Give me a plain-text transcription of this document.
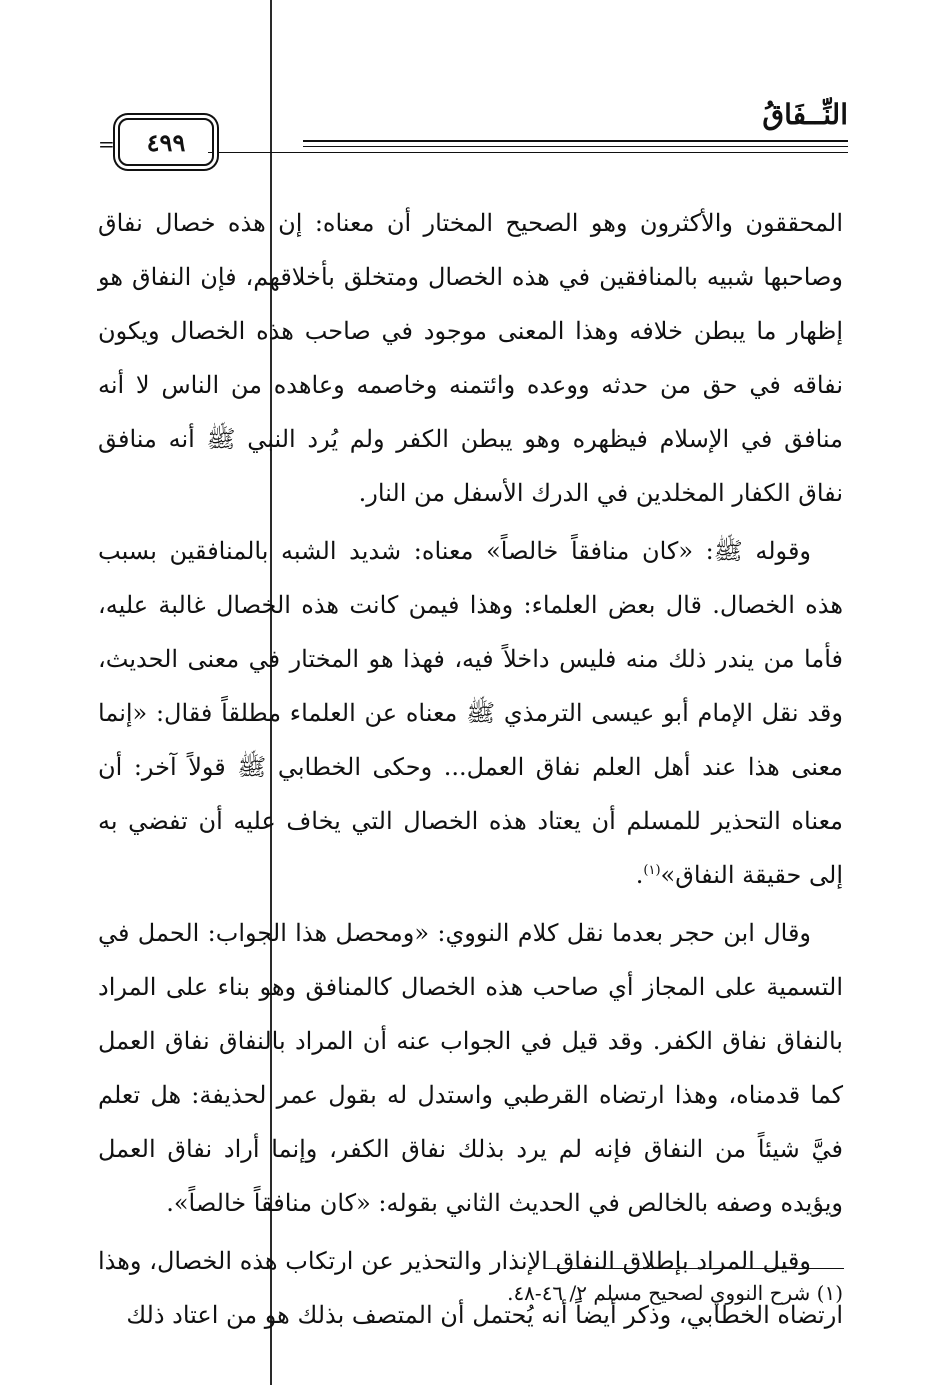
النِّــفَاقُ
٤٩٩
=

المحققون والأكثرون وهو الصحيح المختار أن معناه: إن هذه خصال نفاق وصاحبها شبيه بالمنافقين في هذه الخصال ومتخلق بأخلاقهم، فإن النفاق هو إظهار ما يبطن خلافه وهذا المعنى موجود في صاحب هذه الخصال ويكون نفاقه في حق من حدثه ووعده وائتمنه وخاصمه وعاهده من الناس لا أنه منافق في الإسلام فيظهره وهو يبطن الكفر ولم يُرد النبي ﷺ أنه منافق نفاق الكفار المخلدين في الدرك الأسفل من النار.

وقوله ﷺ: «كان منافقاً خالصاً» معناه: شديد الشبه بالمنافقين بسبب هذه الخصال. قال بعض العلماء: وهذا فيمن كانت هذه الخصال غالبة عليه، فأما من يندر ذلك منه فليس داخلاً فيه، فهذا هو المختار في معنى الحديث، وقد نقل الإمام أبو عيسى الترمذي ﷺ معناه عن العلماء مطلقاً فقال: «إنما معنى هذا عند أهل العلم نفاق العمل... وحكى الخطابي ﷺ قولاً آخر: أن معناه التحذير للمسلم أن يعتاد هذه الخصال التي يخاف عليه أن تفضي به إلى حقيقة النفاق»$^{(١)}$.

وقال ابن حجر بعدما نقل كلام النووي: «ومحصل هذا الجواب: الحمل في التسمية على المجاز أي صاحب هذه الخصال كالمنافق وهو بناء على المراد بالنفاق نفاق الكفر. وقد قيل في الجواب عنه أن المراد بالنفاق نفاق العمل كما قدمناه، وهذا ارتضاه القرطبي واستدل له بقول عمر لحذيفة: هل تعلم فيَّ شيئاً من النفاق فإنه لم يرد بذلك نفاق الكفر، وإنما أراد نفاق العمل ويؤيده وصفه بالخالص في الحديث الثاني بقوله: «كان منافقاً خالصاً».

وقيل المراد بإطلاق النفاق الإنذار والتحذير عن ارتكاب هذه الخصال، وهذا ارتضاه الخطابي، وذكر أيضاً أنه يُحتمل أن المتصف بذلك هو من اعتاد ذلك

(١) شرح النووي لصحيح مسلم ٢/ ٤٦-٤٨.
